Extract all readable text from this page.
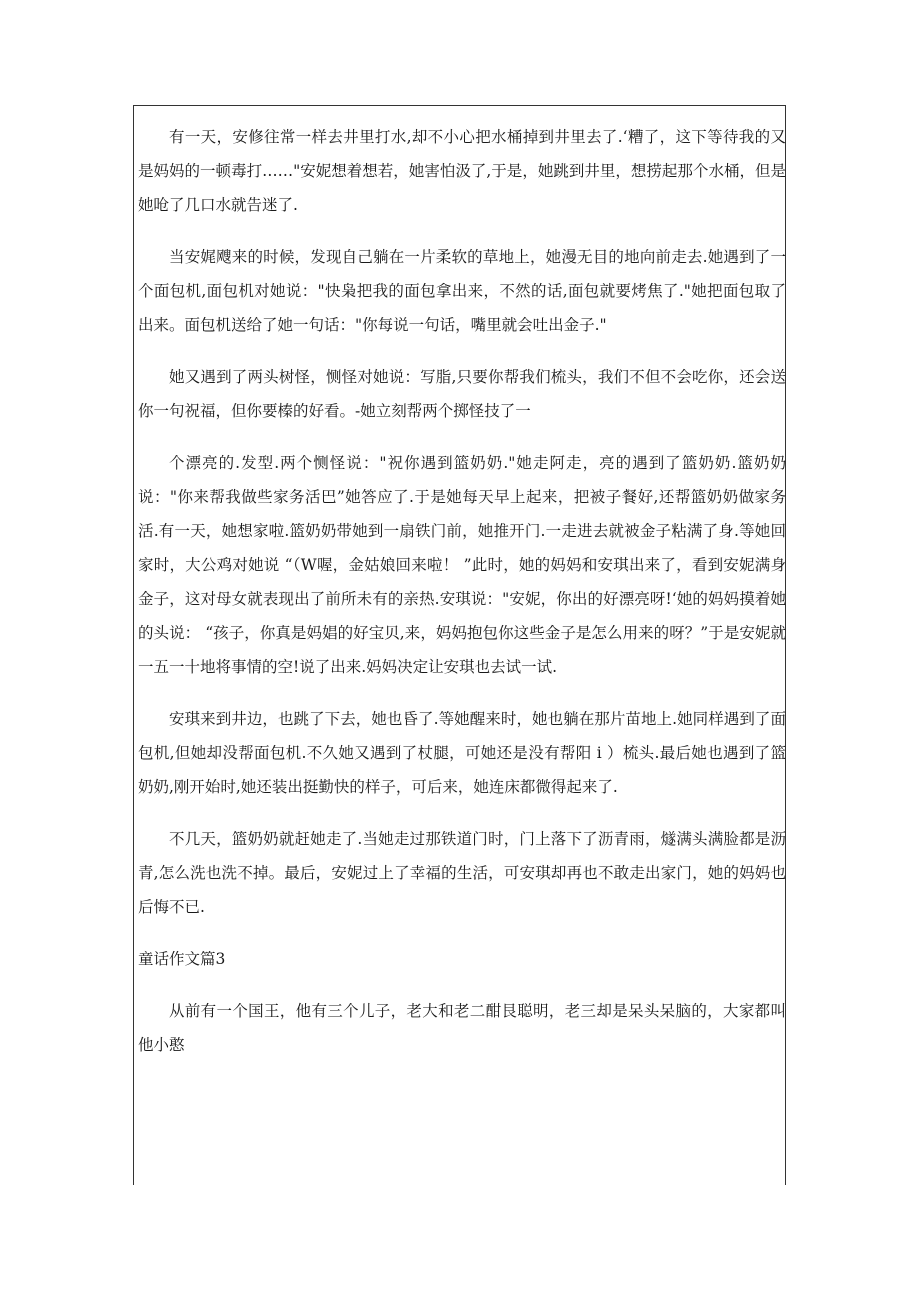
有一天，安修往常一样去井里打水,却不小心把水桶掉到井里去了.‘糟了，这下等待我的又是妈妈的一顿毒打……"安妮想着想若，她害怕汲了,于是，她跳到井里，想捞起那个水桶，但是她呛了几口水就告迷了.

当安娓飕来的时候，发现自己躺在一片柔软的草地上，她漫无目的地向前走去.她遇到了一个面包机,面包机对她说："快枭把我的面包拿出来，不然的话,面包就要烤焦了."她把面包取了出来。面包机送给了她一句话："你每说一句话，嘴里就会吐出金子."

她又遇到了两头树怪，恻怪对她说：写脂,只要你帮我们梳头，我们不但不会吃你，还会送你一句祝福，但你要榛的好看。-她立刻帮两个掷怪技了一

个漂亮的.发型.两个恻怪说："祝你遇到篮奶奶."她走阿走，亮的遇到了篮奶奶.篮奶奶说："你来帮我做些家务活巴”她答应了.于是她每天早上起来，把被子餐好,还帮篮奶奶做家务活.有一天，她想家啦.篮奶奶带她到一扇铁门前，她推开门.一走进去就被金子粘满了身.等她回家时，大公鸡对她说 “（W喔，金姑娘回来啦！ ”此时，她的妈妈和安琪出来了，看到安妮满身金子，这对母女就表现出了前所未有的亲热.安琪说："安妮，你出的好漂亮呀!‘她的妈妈摸着她的头说： “孩子，你真是妈娼的好宝贝,来，妈妈抱包你这些金子是怎么用来的呀？”于是安妮就一五一十地将事情的空!说了出来.妈妈决定让安琪也去试一试.

安琪来到井边，也跳了下去，她也昏了.等她醒来时，她也躺在那片苗地上.她同样遇到了面包机,但她却没帮面包机.不久她又遇到了杖腿，可她还是没有帮阳 i ）梳头.最后她也遇到了篮奶奶,刚开始时,她还装出挺勤快的样子，可后来，她连床都微得起来了.

不几天，篮奶奶就赶她走了.当她走过那铁道门时，门上落下了沥青雨，燧满头满脸都是沥青,怎么洗也洗不掉。最后，安妮过上了幸福的生活，可安琪却再也不敢走出家门，她的妈妈也后悔不已.

童话作文篇3

从前有一个国王，他有三个儿子，老大和老二酣艮聪明，老三却是呆头呆脑的，大家都叫他小憨
